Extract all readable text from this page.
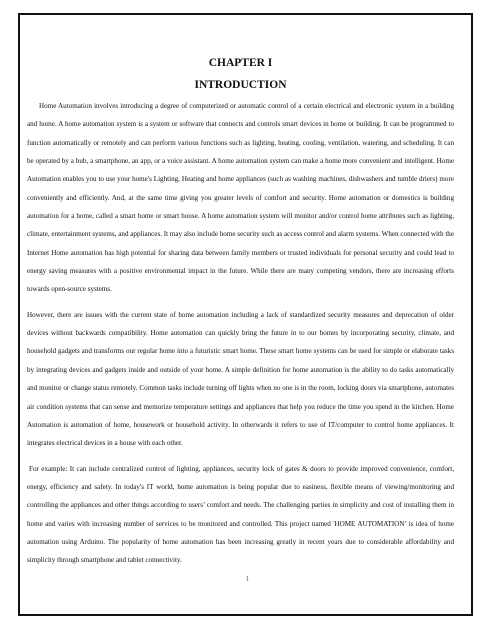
CHAPTER I
INTRODUCTION

Home Automation involves introducing a degree of computerized or automatic control of a certain electrical and electronic system in a building and home. A home automation system is a system or software that connects and controls smart devices in home or building. It can be programmed to function automatically or remotely and can perform various functions such as lighting, heating, cooling, ventilation, watering, and scheduling. It can be operated by a hub, a smartphone, an app, or a voice assistant. A home automation system can make a home more convenient and intelligent. Home Automation enables you to use your home's Lighting, Heating and home appliances (such as washing machines, dishwashers and tumble driers) more conveniently and efficiently. And, at the same time giving you greater levels of comfort and security. Home automation or domestics is building automation for a home, called a smart home or smart house. A home automation system will monitor and/or control home attributes such as lighting, climate, entertainment systems, and appliances. It may also include home security such as access control and alarm systems. When connected with the Internet Home automation has high potential for sharing data between family members or trusted individuals for personal security and could lead to energy saving measures with a positive environmental impact in the future. While there are many competing vendors, there are increasing efforts towards open-source systems.

However, there are issues with the current state of home automation including a lack of standardized security measures and deprecation of older devices without backwards compatibility. Home automation can quickly bring the future in to our homes by incorporating security, climate, and household gadgets and transforms our regular home into a futuristic smart home. These smart home systems can be used for simple or elaborate tasks by integrating devices and gadgets inside and outside of your home. A simple definition for home automation is the ability to do tasks automatically and monitor or change status remotely. Common tasks include turning off lights when no one is in the room, locking doors via smartphone, automates air condition systems that can sense and memorize temperature settings and appliances that help you reduce the time you spend in the kitchen. Home Automation is automation of home, housework or household activity. In otherwards it refers to use of IT/computer to control home appliances. It integrates electrical devices in a house with each other.

For example: It can include centralized control of lighting, appliances, security lock of gates & doors to provide improved convenience, comfort, energy, efficiency and safety. In today's IT world, home automation is being popular due to easiness, flexible means of viewing/monitoring and controlling the appliances and other things according to users’ comfort and needs. The challenging parties in simplicity and cost of installing them in home and varies with increasing number of services to be monitored and controlled. This project named 'HOME AUTOMATION’ is idea of home automation using Arduino. The popularity of home automation has been increasing greatly in recent years due to considerable affordability and simplicity through smartphone and tablet connectivity.

1
